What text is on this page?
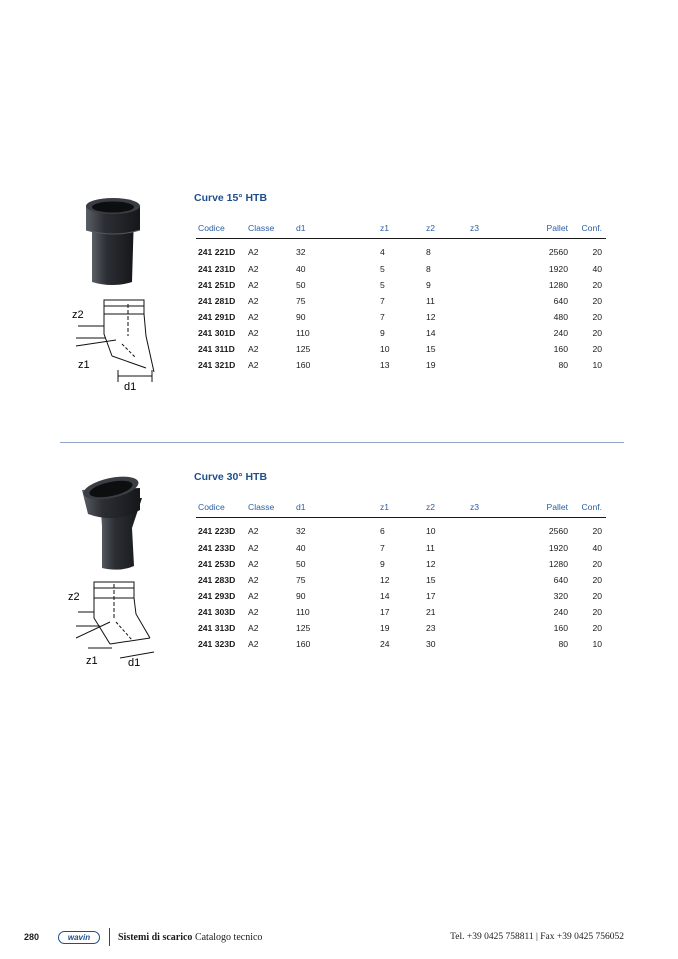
z2
z1
d1
Curve 15° HTB
Codice	Classe	d1	z1	z2	z3	Pallet	Conf.
241 221D	A2	32	4	8		2560	20
241 231D	A2	40	5	8		1920	40
241 251D	A2	50	5	9		1280	20
241 281D	A2	75	7	11		640	20
241 291D	A2	90	7	12		480	20
241 301D	A2	110	9	14		240	20
241 311D	A2	125	10	15		160	20
241 321D	A2	160	13	19		80	10
z2
z1	d1
Curve 30° HTB
Codice	Classe	d1	z1	z2	z3	Pallet	Conf.
241 223D	A2	32	6	10		2560	20
241 233D	A2	40	7	11		1920	40
241 253D	A2	50	9	12		1280	20
241 283D	A2	75	12	15		640	20
241 293D	A2	90	14	17		320	20
241 303D	A2	110	17	21		240	20
241 313D	A2	125	19	23		160	20
241 323D	A2	160	24	30		80	10
280	wavin	Sistemi di scarico Catalogo tecnico	Tel. +39 0425 758811 | Fax +39 0425 756052
